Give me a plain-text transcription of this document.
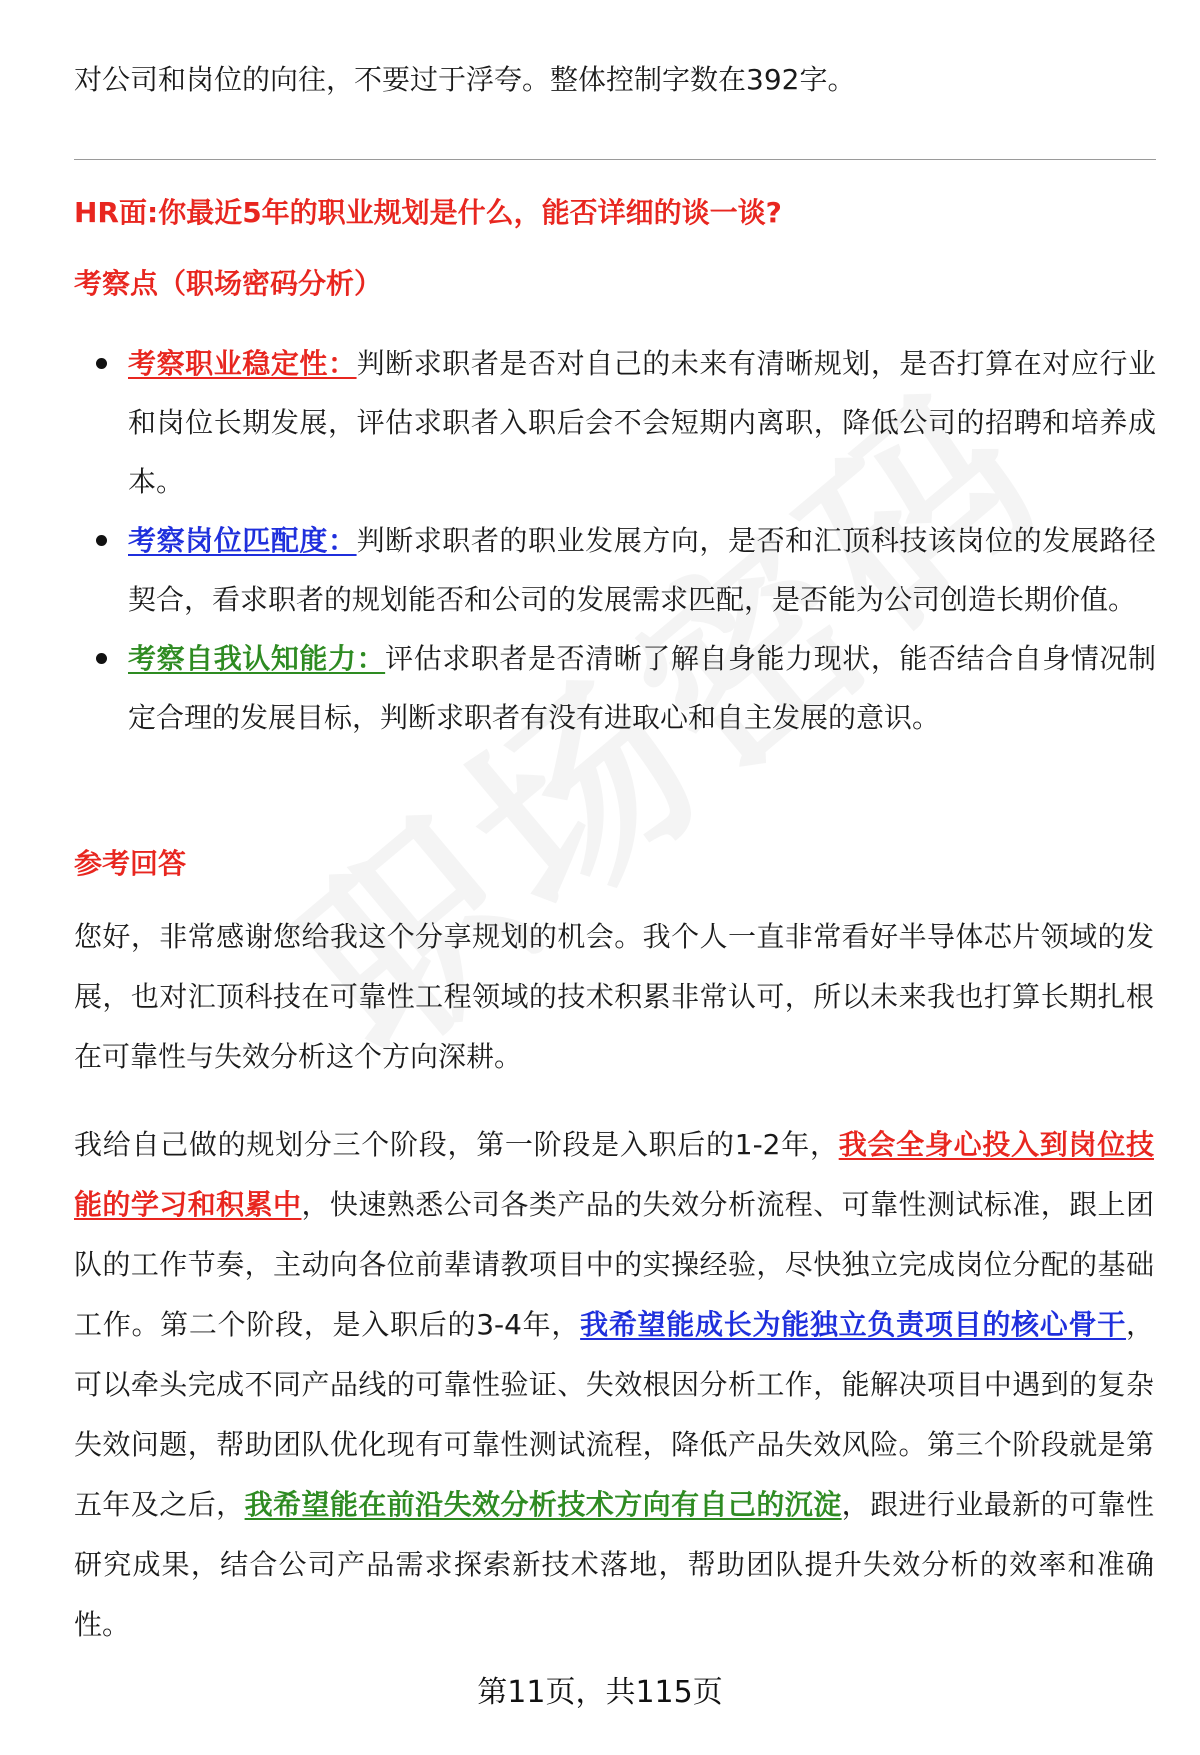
对公司和岗位的向往，不要过于浮夸。整体控制字数在392字。

HR面:你最近5年的职业规划是什么，能否详细的谈一谈?
考察点（职场密码分析）
考察职业稳定性：判断求职者是否对自己的未来有清晰规划，是否打算在对应行业和岗位长期发展，评估求职者入职后会不会短期内离职，降低公司的招聘和培养成本。
考察岗位匹配度：判断求职者的职业发展方向，是否和汇顶科技该岗位的发展路径契合，看求职者的规划能否和公司的发展需求匹配，是否能为公司创造长期价值。
考察自我认知能力：评估求职者是否清晰了解自身能力现状，能否结合自身情况制定合理的发展目标，判断求职者有没有进取心和自主发展的意识。
参考回答

您好，非常感谢您给我这个分享规划的机会。我个人一直非常看好半导体芯片领域的发展，也对汇顶科技在可靠性工程领域的技术积累非常认可，所以未来我也打算长期扎根在可靠性与失效分析这个方向深耕。

我给自己做的规划分三个阶段，第一阶段是入职后的1-2年，我会全身心投入到岗位技能的学习和积累中，快速熟悉公司各类产品的失效分析流程、可靠性测试标准，跟上团队的工作节奏，主动向各位前辈请教项目中的实操经验，尽快独立完成岗位分配的基础工作。第二个阶段，是入职后的3-4年，我希望能成长为能独立负责项目的核心骨干，可以牵头完成不同产品线的可靠性验证、失效根因分析工作，能解决项目中遇到的复杂失效问题，帮助团队优化现有可靠性测试流程，降低产品失效风险。第三个阶段就是第五年及之后，我希望能在前沿失效分析技术方向有自己的沉淀，跟进行业最新的可靠性研究成果，结合公司产品需求探索新技术落地，帮助团队提升失效分析的效率和准确性。

第11页，共115页
